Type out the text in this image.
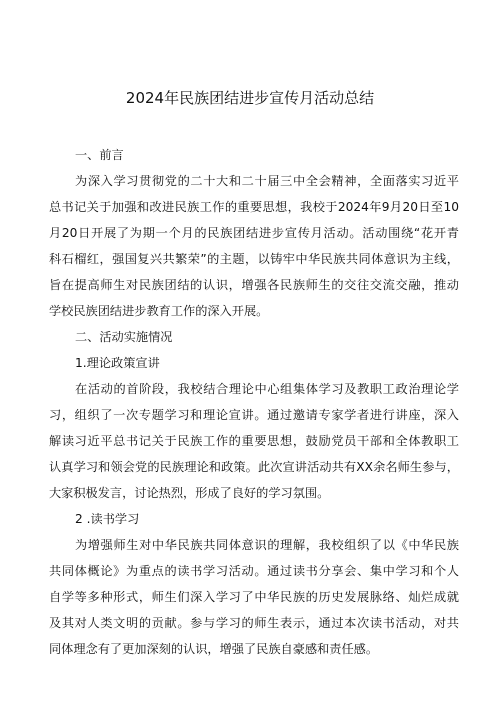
2024年民族团结进步宣传月活动总结
一、前言
为深入学习贯彻党的二十大和二十届三中全会精神，全面落实习近平
总书记关于加强和改进民族工作的重要思想，我校于2024年9月20日至10
月20日开展了为期一个月的民族团结进步宣传月活动。活动围绕“花开青
科石榴红，强国复兴共繁荣”的主题，以铸牢中华民族共同体意识为主线，
旨在提高师生对民族团结的认识，增强各民族师生的交往交流交融，推动
学校民族团结进步教育工作的深入开展。
二、活动实施情况
1.理论政策宣讲
在活动的首阶段，我校结合理论中心组集体学习及教职工政治理论学
习，组织了一次专题学习和理论宣讲。通过邀请专家学者进行讲座，深入
解读习近平总书记关于民族工作的重要思想，鼓励党员干部和全体教职工
认真学习和领会党的民族理论和政策。此次宣讲活动共有XX余名师生参与，
大家积极发言，讨论热烈，形成了良好的学习氛围。
2 .读书学习
为增强师生对中华民族共同体意识的理解，我校组织了以《中华民族
共同体概论》为重点的读书学习活动。通过读书分享会、集中学习和个人
自学等多种形式，师生们深入学习了中华民族的历史发展脉络、灿烂成就
及其对人类文明的贡献。参与学习的师生表示，通过本次读书活动，对共
同体理念有了更加深刻的认识，增强了民族自豪感和责任感。
